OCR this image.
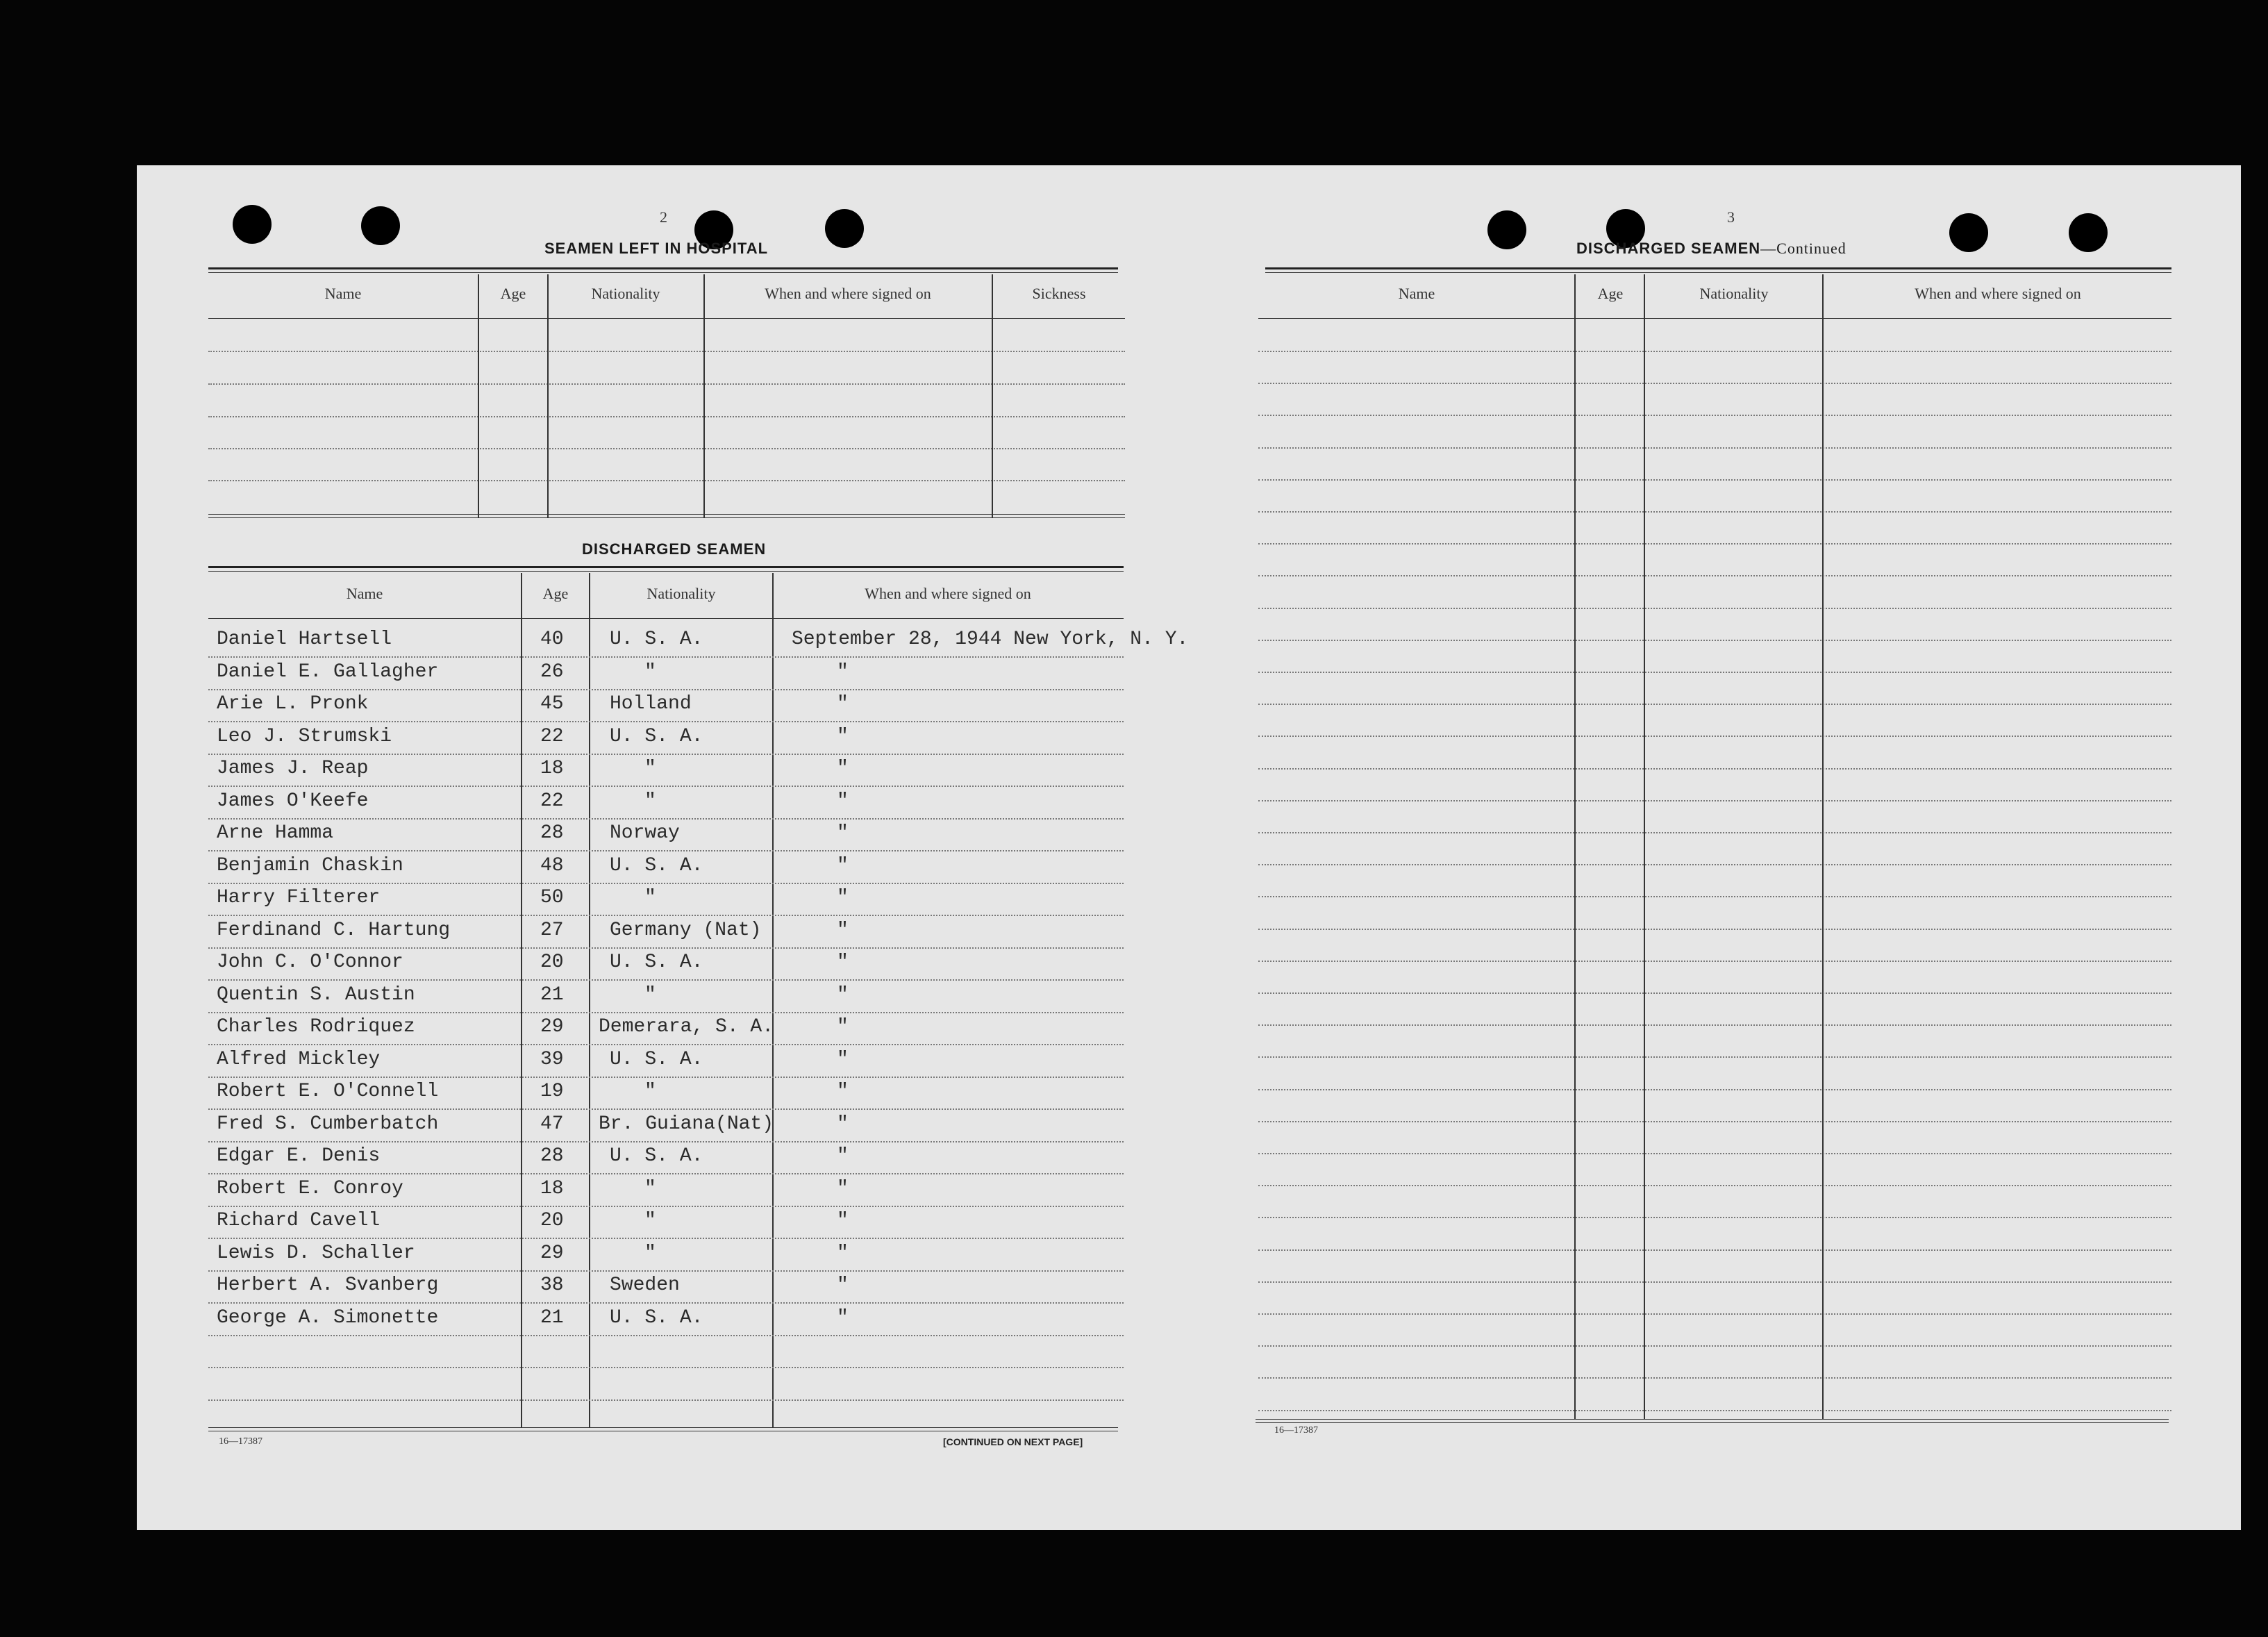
2
SEAMEN LEFT IN HOSPITAL
Name	Age	Nationality	When and where signed on	Sickness
DISCHARGED SEAMEN
Name	Age	Nationality	When and where signed on
Daniel Hartsell	40 U. S. A.	September 28, 1944 New York, N. Y.
Daniel E. Gallagher	26	"	"
Arie L. Pronk	45 Holland	"
Leo J. Strumski	22 U. S. A.	"
James J. Reap	18	"	"
James O'Keefe	22	"	"
Arne Hamma	28 Norway	"
Benjamin Chaskin	48 U. S. A.	"
Harry Filterer	50	"	"
Ferdinand C. Hartung	27 Germany (Nat)	"
John C. O'Connor	20 U. S. A.	"
Quentin S. Austin	21	"	"
Charles Rodriquez	29 Demerara, S. A.	"
Alfred Mickley	39 U. S. A.	"
Robert E. O'Connell	19	"	"
Fred S. Cumberbatch	47 Br. Guiana(Nat)	"
Edgar E. Denis	28 U. S. A.	"
Robert E. Conroy	18	"	"
Richard Cavell	20	"	"
Lewis D. Schaller	29	"	"
Herbert A. Svanberg	38 Sweden	"
George A. Simonette	21 U. S. A.	"
16—17387	[CONTINUED ON NEXT PAGE]
3
DISCHARGED SEAMEN—Continued
Name	Age	Nationality	When and where signed on
16—17387
